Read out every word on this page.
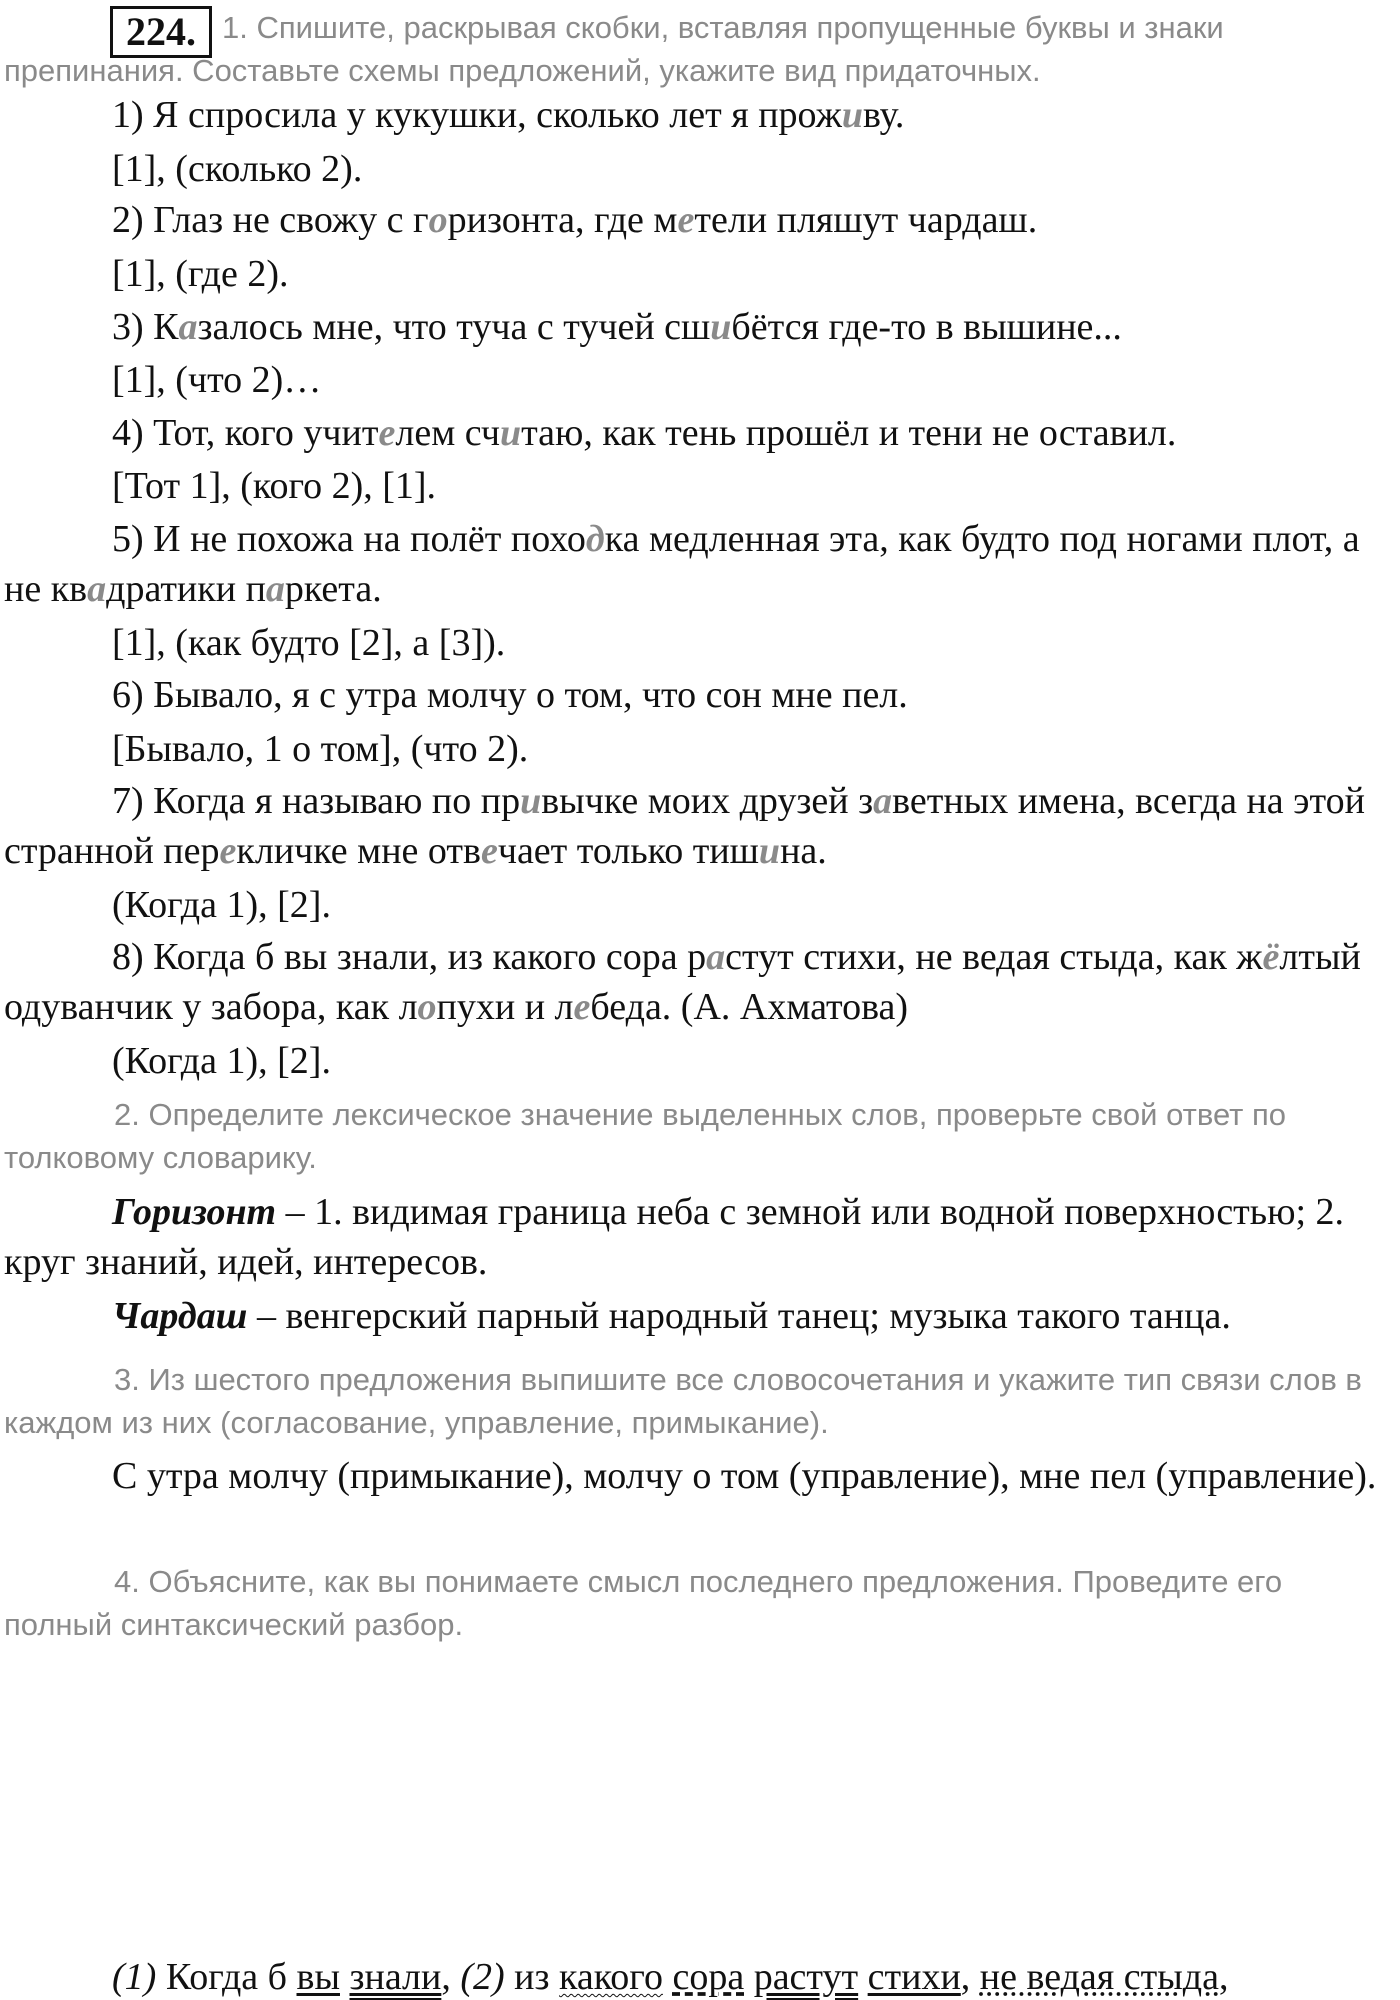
224. 1. Спишите, раскрывая скобки, вставляя пропущенные буквы и знаки препинания. Составьте схемы предложений, укажите вид придаточных.

1) Я спросила у кукушки, сколько лет я проживу.

[1], (сколько 2).

2) Глаз не свожу с горизонта, где метели пляшут чардаш.

[1], (где 2).

3) Казалось мне, что туча с тучей сшибётся где-то в вышине...

[1], (что 2)…

4) Тот, кого учителем считаю, как тень прошёл и тени не оставил.

[Тот 1], (кого 2), [1].

5) И не похожа на полёт походка медленная эта, как будто под ногами плот, а не квадратики паркета.

[1], (как будто [2], а [3]).

6) Бывало, я с утра молчу о том, что сон мне пел.

[Бывало, 1 о том], (что 2).

7) Когда я называю по привычке моих друзей заветных имена, всегда на этой странной перекличке мне отвечает только тишина.

(Когда 1), [2].

8) Когда б вы знали, из какого сора растут стихи, не ведая стыда, как жёлтый одуванчик у забора, как лопухи и лебеда. (А. Ахматова)

(Когда 1), [2].

2. Определите лексическое значение выделенных слов, проверьте свой ответ по толковому словарику.

Горизонт – 1. видимая граница неба с земной или водной поверхностью; 2. круг знаний, идей, интересов.

Чардаш – венгерский парный народный танец; музыка такого танца.

3. Из шестого предложения выпишите все словосочетания и укажите тип связи слов в каждом из них (согласование, управление, примыкание).

С утра молчу (примыкание), молчу о том (управление), мне пел (управление).

4. Объясните, как вы понимаете смысл последнего предложения. Проведите его полный синтаксический разбор.

(1) Когда б вы знали, (2) из какого сора растут стихи, не ведая стыда,
